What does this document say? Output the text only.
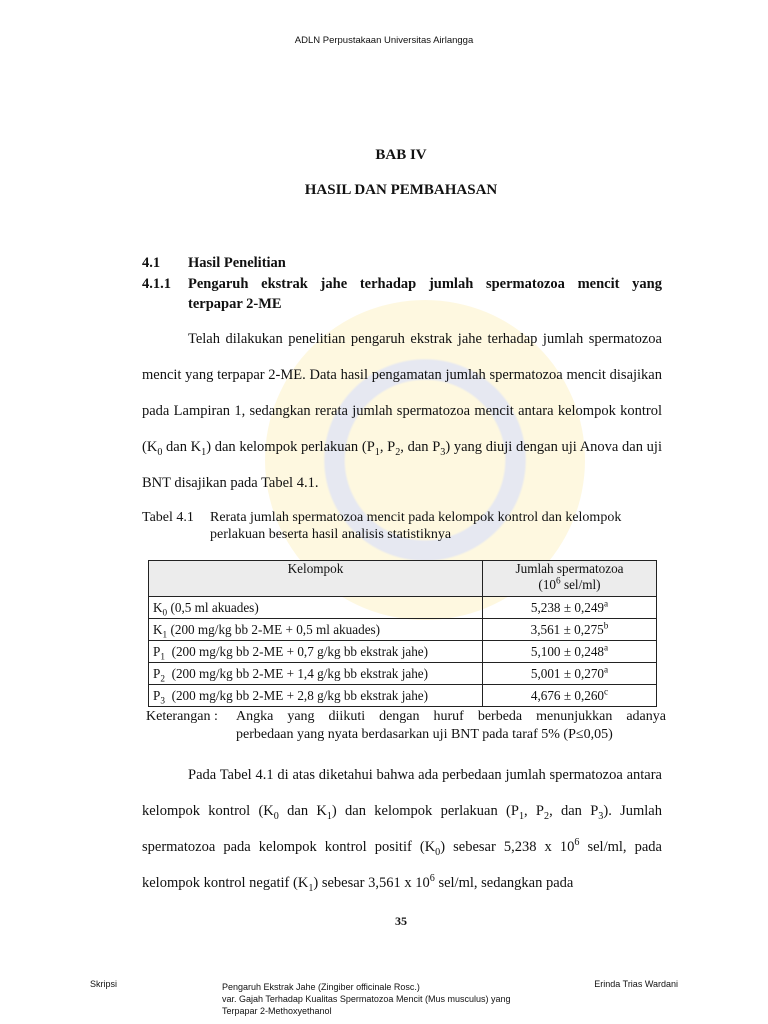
ADLN Perpustakaan Universitas Airlangga
BAB IV
HASIL DAN PEMBAHASAN
4.1 Hasil Penelitian
4.1.1 Pengaruh ekstrak jahe terhadap jumlah spermatozoa mencit yang
terpapar 2-ME

Telah dilakukan penelitian pengaruh ekstrak jahe terhadap jumlah spermatozoa mencit yang terpapar 2-ME. Data hasil pengamatan jumlah spermatozoa mencit disajikan pada Lampiran 1, sedangkan rerata jumlah spermatozoa mencit antara kelompok kontrol ($K_0$ dan $K_1$) dan kelompok perlakuan ($P_1$, $P_2$, dan $P_3$) yang diuji dengan uji Anova dan uji BNT disajikan pada Tabel 4.1.

Tabel 4.1	Rerata jumlah spermatozoa mencit pada kelompok kontrol dan kelompok
perlakuan beserta hasil analisis statistiknya
Kelompok	Jumlah spermatozoa
($10^6$ sel/ml)
$K_0$ (0,5 ml akuades)	5,238 ± 0,249$^a$
$K_1$ (200 mg/kg bb 2-ME + 0,5 ml akuades)	3,561 ± 0,275$^b$
$P_1$  (200 mg/kg bb 2-ME + 0,7 g/kg bb ekstrak jahe)	5,100 ± 0,248$^a$
$P_2$  (200 mg/kg bb 2-ME + 1,4 g/kg bb ekstrak jahe)	5,001 ± 0,270$^a$
$P_3$  (200 mg/kg bb 2-ME + 2,8 g/kg bb ekstrak jahe)	4,676 ± 0,260$^c$
Keterangan :	Angka yang diikuti dengan huruf berbeda menunjukkan adanya
perbedaan yang nyata berdasarkan uji BNT pada taraf 5% (P≤0,05)

Pada Tabel 4.1 di atas diketahui bahwa ada perbedaan jumlah spermatozoa antara kelompok kontrol ($K_0$ dan $K_1$) dan kelompok perlakuan ($P_1$, $P_2$, dan $P_3$). Jumlah spermatozoa pada kelompok kontrol positif $(K_0)$ sebesar 5,238 x $10^6$ sel/ml, pada kelompok kontrol negatif $(K_1)$ sebesar 3,561 x $10^6$ sel/ml, sedangkan pada

35
Skripsi	Pengaruh Ekstrak Jahe (Zingiber officinale Rosc.)
var. Gajah Terhadap Kualitas Spermatozoa Mencit (Mus musculus) yang
Terpapar 2-Methoxyethanol
Erinda Trias Wardani
